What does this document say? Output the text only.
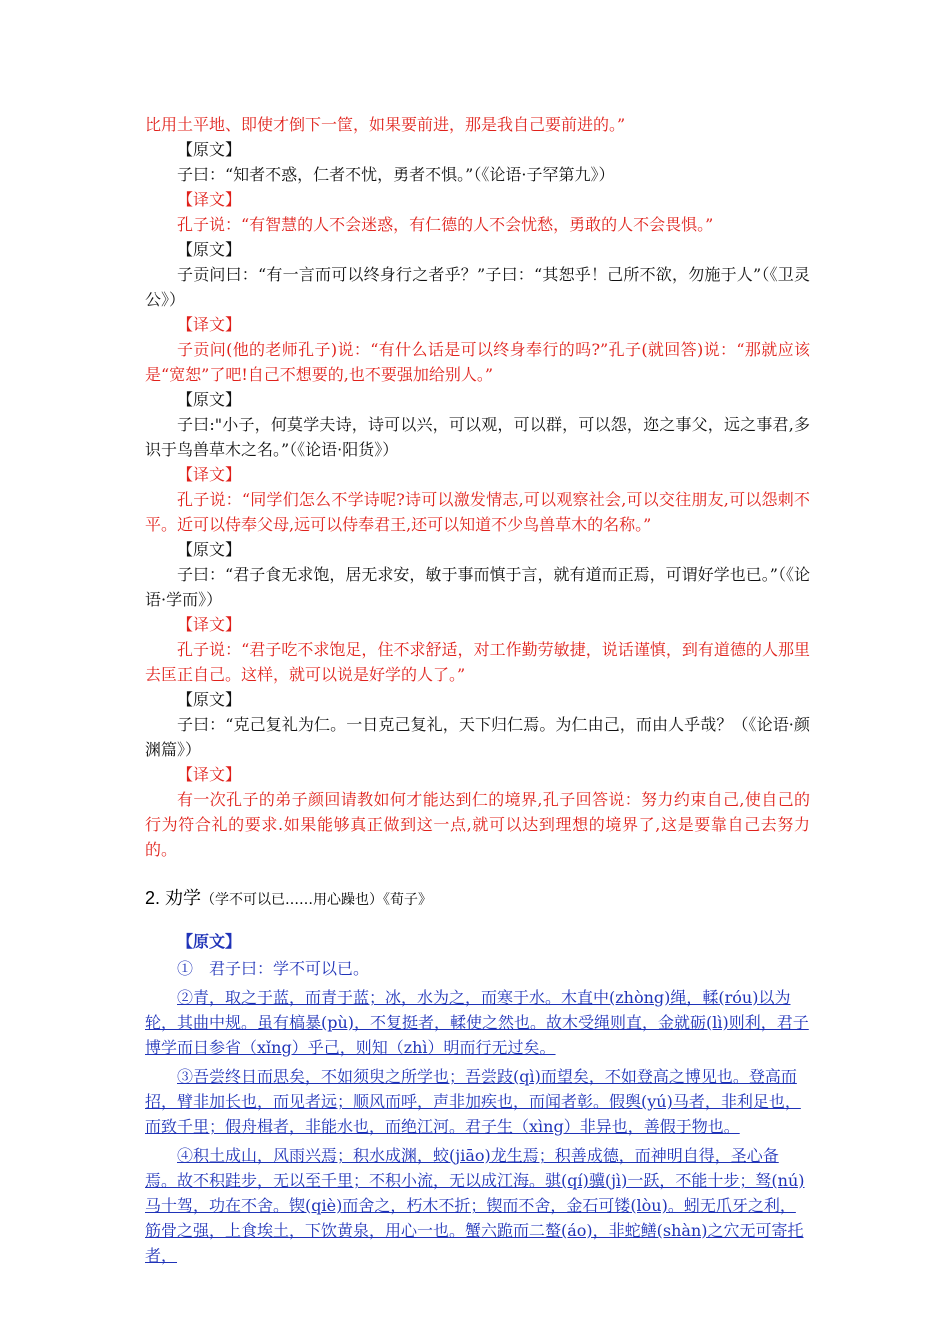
比用土平地、即使才倒下一筐，如果要前进，那是我自己要前进的。”

【原文】

子曰：“知者不惑，仁者不忧，勇者不惧。”（《论语·子罕第九》）

【译文】

孔子说：“有智慧的人不会迷惑，有仁德的人不会忧愁，勇敢的人不会畏惧。”

【原文】

子贡问曰：“有一言而可以终身行之者乎？”子曰：“其恕乎！己所不欲，勿施于人”（《卫灵公》）

【译文】

子贡问(他的老师孔子)说：“有什么话是可以终身奉行的吗?”孔子(就回答)说：“那就应该是“宽恕”了吧!自己不想要的,也不要强加给别人。”

【原文】

子曰:"小子，何莫学夫诗，诗可以兴，可以观，可以群，可以怨，迩之事父，远之事君,多识于鸟兽草木之名。”（《论语·阳货》）

【译文】

孔子说：“同学们怎么不学诗呢?诗可以激发情志,可以观察社会,可以交往朋友,可以怨刺不平。近可以侍奉父母,远可以侍奉君王,还可以知道不少鸟兽草木的名称。”

【原文】

子曰：“君子食无求饱，居无求安，敏于事而慎于言，就有道而正焉，可谓好学也已。”（《论语·学而》）

【译文】

孔子说：“君子吃不求饱足，住不求舒适，对工作勤劳敏捷，说话谨慎，到有道德的人那里去匡正自己。这样，就可以说是好学的人了。”

【原文】

子曰：“克己复礼为仁。一日克己复礼，天下归仁焉。为仁由己，而由人乎哉？（《论语·颜渊篇》）

【译文】

有一次孔子的弟子颜回请教如何才能达到仁的境界,孔子回答说：努力约束自己,使自己的行为符合礼的要求.如果能够真正做到这一点,就可以达到理想的境界了,这是要靠自己去努力的。

2. 劝学（学不可以已……用心躁也）《荀子》
【原文】

①　君子曰：学不可以已。

②青，取之于蓝，而青于蓝；冰，水为之，而寒于水。木直中(zhòng)绳，輮(róu)以为轮，其曲中规。虽有槁暴(pù)，不复挺者，輮使之然也。故木受绳则直，金就砺(lì)则利，君子博学而日参省（xǐng）乎己，则知（zhì）明而行无过矣。

③吾尝终日而思矣，不如须臾之所学也；吾尝跂(qì)而望矣，不如登高之博见也。登高而招，臂非加长也，而见者远；顺风而呼，声非加疾也，而闻者彰。假舆(yú)马者，非利足也，而致千里；假舟楫者，非能水也，而绝江河。君子生（xìng）非异也，善假于物也。

④积土成山，风雨兴焉；积水成渊，蛟(jiāo)龙生焉；积善成德，而神明自得，圣心备焉。故不积跬步，无以至千里；不积小流，无以成江海。骐(qí)骥(jì)一跃，不能十步；驽(nú)马十驾，功在不舍。锲(qiè)而舍之，朽木不折；锲而不舍，金石可镂(lòu)。蚓无爪牙之利，筋骨之强，上食埃土，下饮黄泉，用心一也。蟹六跪而二螯(áo)，非蛇鳝(shàn)之穴无可寄托者，
